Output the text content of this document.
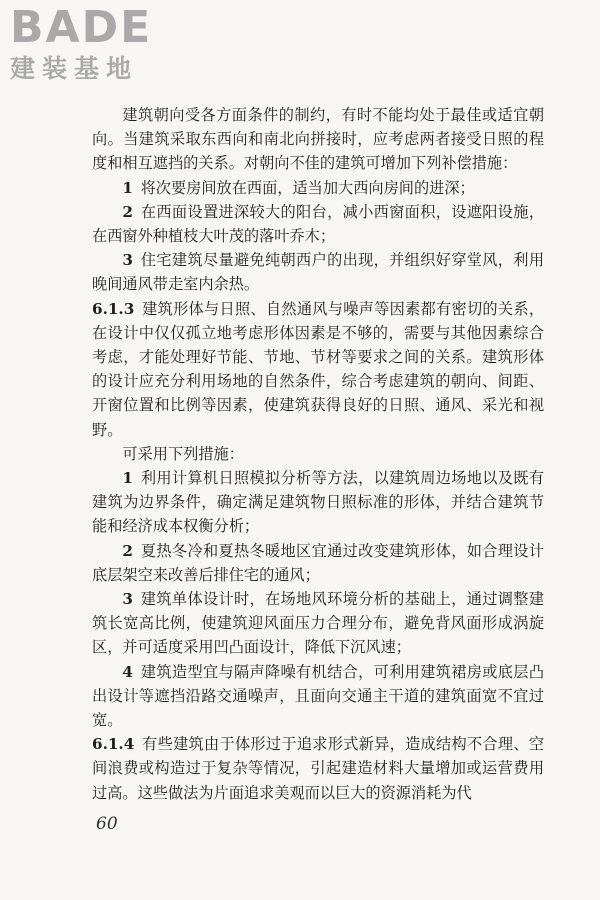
BADE
建装基地

建筑朝向受各方面条件的制约，有时不能均处于最佳或适宜朝向。当建筑采取东西向和南北向拼接时，应考虑两者接受日照的程度和相互遮挡的关系。对朝向不佳的建筑可增加下列补偿措施：

1 将次要房间放在西面，适当加大西向房间的进深；

2 在西面设置进深较大的阳台，减小西窗面积，设遮阳设施，在西窗外种植枝大叶茂的落叶乔木；

3 住宅建筑尽量避免纯朝西户的出现，并组织好穿堂风，利用晚间通风带走室内余热。

6.1.3 建筑形体与日照、自然通风与噪声等因素都有密切的关系，在设计中仅仅孤立地考虑形体因素是不够的，需要与其他因素综合考虑，才能处理好节能、节地、节材等要求之间的关系。建筑形体的设计应充分利用场地的自然条件，综合考虑建筑的朝向、间距、开窗位置和比例等因素，使建筑获得良好的日照、通风、采光和视野。

可采用下列措施：

1 利用计算机日照模拟分析等方法，以建筑周边场地以及既有建筑为边界条件，确定满足建筑物日照标准的形体，并结合建筑节能和经济成本权衡分析；

2 夏热冬冷和夏热冬暖地区宜通过改变建筑形体，如合理设计底层架空来改善后排住宅的通风；

3 建筑单体设计时，在场地风环境分析的基础上，通过调整建筑长宽高比例，使建筑迎风面压力合理分布，避免背风面形成涡旋区，并可适度采用凹凸面设计，降低下沉风速；

4 建筑造型宜与隔声降噪有机结合，可利用建筑裙房或底层凸出设计等遮挡沿路交通噪声，且面向交通主干道的建筑面宽不宜过宽。

6.1.4 有些建筑由于体形过于追求形式新异，造成结构不合理、空间浪费或构造过于复杂等情况，引起建造材料大量增加或运营费用过高。这些做法为片面追求美观而以巨大的资源消耗为代

60
